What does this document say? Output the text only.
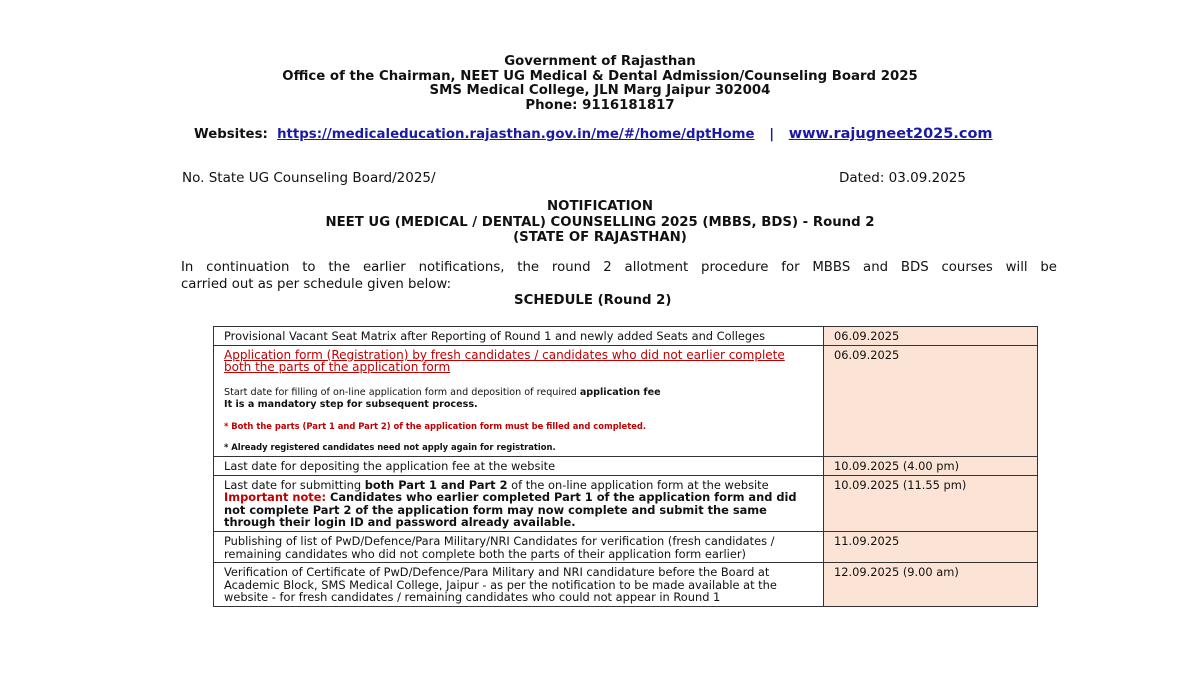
Government of Rajasthan
Office of the Chairman, NEET UG Medical & Dental Admission/Counseling Board 2025
SMS Medical College, JLN Marg Jaipur 302004
Phone: 9116181817
Websites: https://medicaleducation.rajasthan.gov.in/me/#/home/dptHome | www.rajugneet2025.com
No. State UG Counseling Board/2025/	Dated: 03.09.2025
NOTIFICATION
NEET UG (MEDICAL / DENTAL) COUNSELLING 2025 (MBBS, BDS) - Round 2
(STATE OF RAJASTHAN)
In continuation to the earlier notifications, the round 2 allotment procedure for MBBS and BDS courses will be
carried out as per schedule given below:
SCHEDULE (Round 2)
Provisional Vacant Seat Matrix after Reporting of Round 1 and newly added Seats and Colleges	06.09.2025

Application form (Registration) by fresh candidates / candidates who did not earlier complete both the parts of the application form
Start date for filling of on-line application form and deposition of required application fee
It is a mandatory step for subsequent process.
* Both the parts (Part 1 and Part 2) of the application form must be filled and completed.
* Already registered candidates need not apply again for registration.	06.09.2025
Last date for depositing the application fee at the website	10.09.2025 (4.00 pm)

Last date for submitting both Part 1 and Part 2 of the on-line application form at the website
Important note: Candidates who earlier completed Part 1 of the application form and did not complete Part 2 of the application form may now complete and submit the same through their login ID and password already available.	10.09.2025 (11.55 pm)
Publishing of list of PwD/Defence/Para Military/NRI Candidates for verification (fresh candidates / remaining candidates who did not complete both the parts of their application form earlier)	11.09.2025
Verification of Certificate of PwD/Defence/Para Military and NRI candidature before the Board at Academic Block, SMS Medical College, Jaipur - as per the notification to be made available at the website - for fresh candidates / remaining candidates who could not appear in Round 1	12.09.2025 (9.00 am)
